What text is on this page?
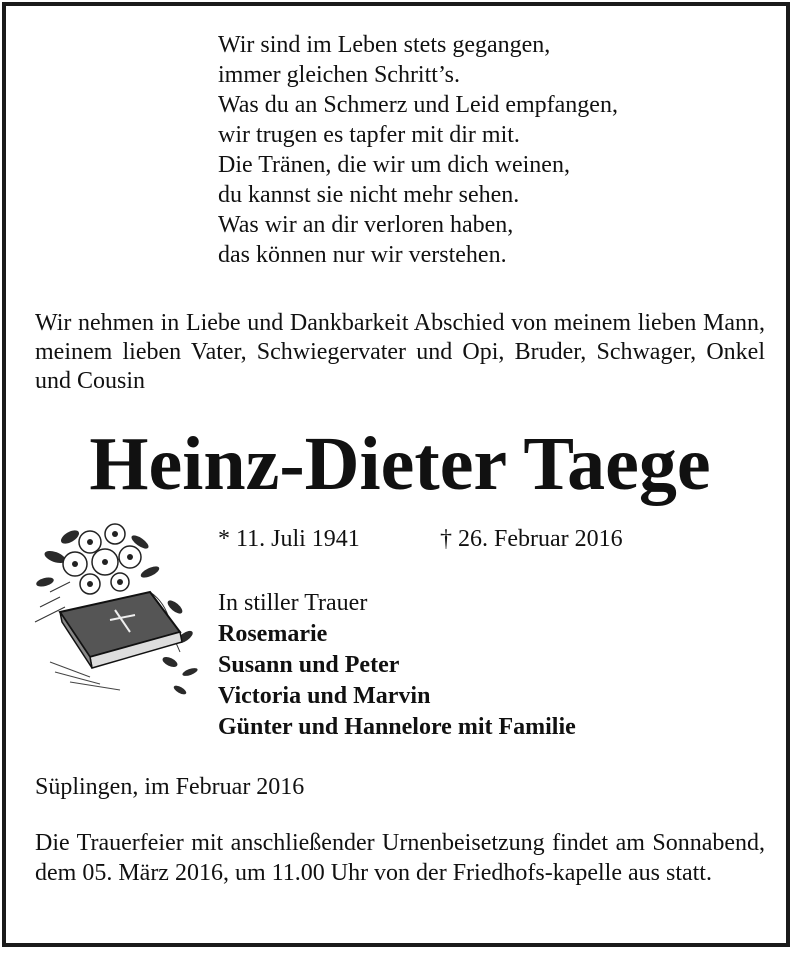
Wir sind im Leben stets gegangen,
immer gleichen Schritt’s.
Was du an Schmerz und Leid empfangen,
wir trugen es tapfer mit dir mit.
Die Tränen, die wir um dich weinen,
du kannst sie nicht mehr sehen.
Was wir an dir verloren haben,
das können nur wir verstehen.
Wir nehmen in Liebe und Dankbarkeit Abschied von meinem lieben Mann, meinem lieben Vater, Schwiegervater und Opi, Bruder, Schwager, Onkel und Cousin
Heinz-Dieter Taege
* 11. Juli 1941	† 26. Februar 2016
In stiller Trauer
Rosemarie
Susann und Peter
Victoria und Marvin
Günter und Hannelore mit Familie
Süplingen, im Februar 2016
Die Trauerfeier mit anschließender Urnenbeisetzung findet am Sonnabend, dem 05. März 2016, um 11.00 Uhr von der Friedhofs-kapelle aus statt.
